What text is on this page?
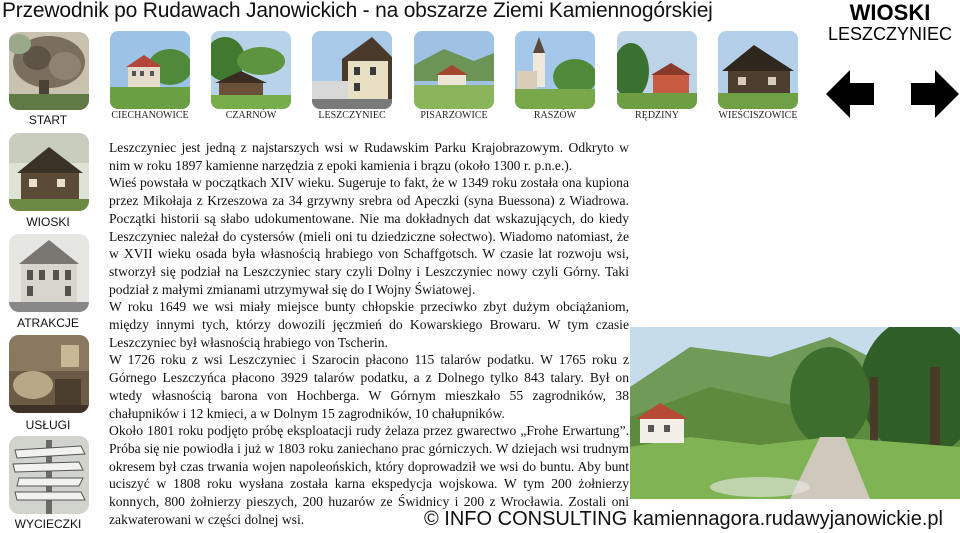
Przewodnik po Rudawach Janowickich - na obszarze Ziemi Kamiennogórskiej	WIOSKI
LESZCZYNIEC
START
WIOSKI
ATRAKCJE
USŁUGI
WYCIECZKI
CIECHANOWICE	CZARNÓW	LESZCZYNIEC	PISARZOWICE	RASZÓW	RĘDZINY	WIEŚCISZOWICE

Leszczyniec jest jedną z najstarszych wsi w Rudawskim Parku Krajobrazowym. Odkryto w nim w roku 1897 kamienne narzędzia z epoki kamienia i brązu (około 1300 r. p.n.e.).

Wieś powstała w początkach XIV wieku. Sugeruje to fakt, że w 1349 roku została ona kupiona przez Mikołaja z Krzeszowa za 34 grzywny srebra od Apeczki (syna Buessona) z Wiadrowa. Początki historii są słabo udokumentowane. Nie ma dokładnych dat wskazujących, do kiedy Leszczyniec należał do cystersów (mieli oni tu dziedziczne sołectwo). Wiadomo natomiast, że w XVII wieku osada była własnością hrabiego von Schaffgotsch. W czasie lat rozwoju wsi, stworzył się podział na Leszczyniec stary czyli Dolny i Leszczyniec nowy czyli Górny. Taki podział z małymi zmianami utrzymywał się do I Wojny Światowej.

W roku 1649 we wsi miały miejsce bunty chłopskie przeciwko zbyt dużym obciążaniom, między innymi tych, którzy dowozili jęczmień do Kowarskiego Browaru. W tym czasie Leszczyniec był własnością hrabiego von Tscherin.

W 1726 roku z wsi Leszczyniec i Szarocin płacono 115 talarów podatku. W 1765 roku z Górnego Leszczyńca płacono 3929 talarów podatku, a z Dolnego tylko 843 talary. Był on wtedy własnością barona von Hochberga. W Górnym mieszkało 55 zagrodników, 38 chałupników i 12 kmieci, a w Dolnym 15 zagrodników, 10 chałupników.

Około 1801 roku podjęto próbę eksploatacji rudy żelaza przez gwarectwo „Frohe Erwartung”. Próba się nie powiodła i już w 1803 roku zaniechano prac górniczych. W dziejach wsi trudnym okresem był czas trwania wojen napoleońskich, który doprowadził we wsi do buntu. Aby bunt uciszyć w 1808 roku wysłana została karna ekspedycja wojskowa. W tym 200 żołnierzy konnych, 800 żołnierzy pieszych, 200 huzarów ze Świdnicy i 200 z Wrocławia. Zostali oni zakwaterowani w części dolnej wsi.	© INFO CONSULTING kamiennagora.rudawyjanowickie.pl
